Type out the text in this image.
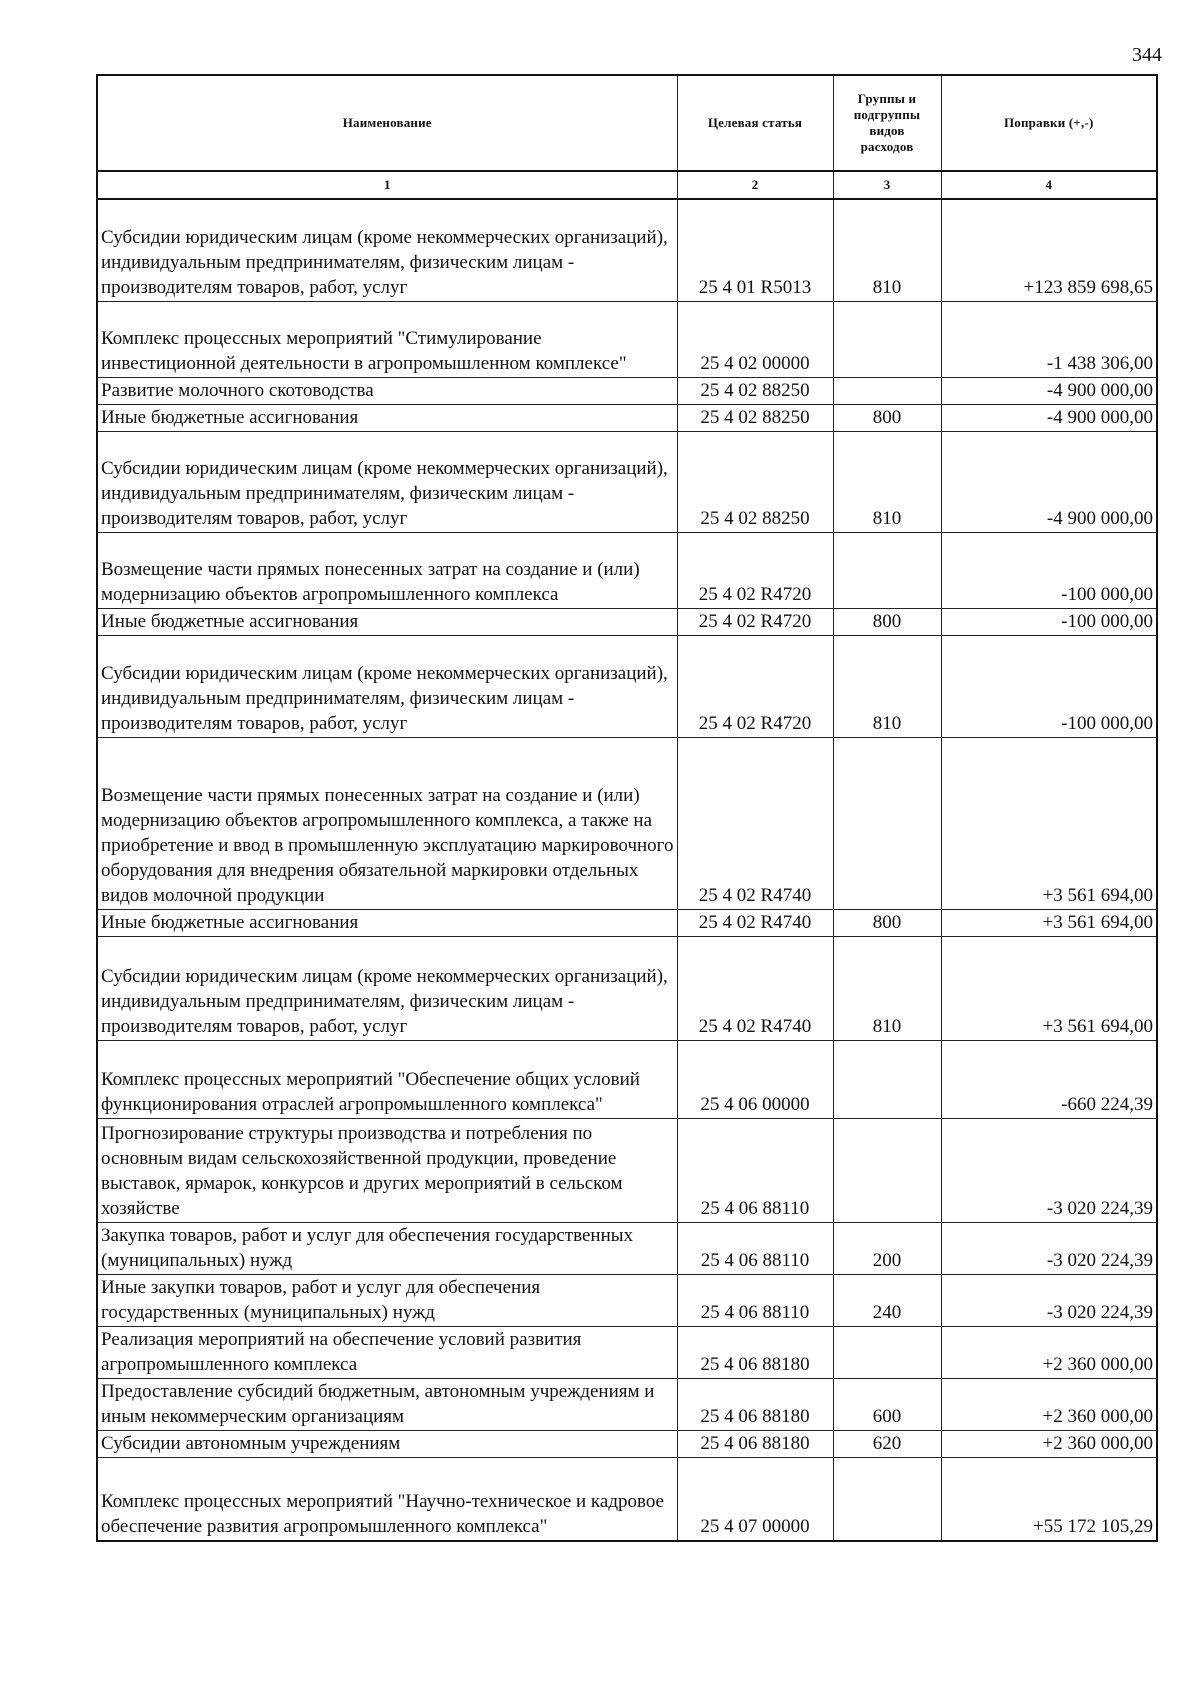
344
Наименование	Целевая статья	Группы и подгруппы видов расходов	Поправки (+,-)
1	2	3	4
Субсидии юридическим лицам (кроме некоммерческих организаций), индивидуальным предпринимателям, физическим лицам - производителям товаров, работ, услуг	25 4 01 R5013	810	+123 859 698,65
Комплекс процессных мероприятий "Стимулирование инвестиционной деятельности в агропромышленном комплексе"	25 4 02 00000		-1 438 306,00
Развитие молочного скотоводства	25 4 02 88250		-4 900 000,00
Иные бюджетные ассигнования	25 4 02 88250	800	-4 900 000,00
Субсидии юридическим лицам (кроме некоммерческих организаций), индивидуальным предпринимателям, физическим лицам - производителям товаров, работ, услуг	25 4 02 88250	810	-4 900 000,00
Возмещение части прямых понесенных затрат на создание и (или) модернизацию объектов агропромышленного комплекса	25 4 02 R4720		-100 000,00
Иные бюджетные ассигнования	25 4 02 R4720	800	-100 000,00
Субсидии юридическим лицам (кроме некоммерческих организаций), индивидуальным предпринимателям, физическим лицам - производителям товаров, работ, услуг	25 4 02 R4720	810	-100 000,00
Возмещение части прямых понесенных затрат на создание и (или) модернизацию объектов агропромышленного комплекса, а также на приобретение и ввод в промышленную эксплуатацию маркировочного оборудования для внедрения обязательной маркировки отдельных видов молочной продукции	25 4 02 R4740		+3 561 694,00
Иные бюджетные ассигнования	25 4 02 R4740	800	+3 561 694,00
Субсидии юридическим лицам (кроме некоммерческих организаций), индивидуальным предпринимателям, физическим лицам - производителям товаров, работ, услуг	25 4 02 R4740	810	+3 561 694,00
Комплекс процессных мероприятий "Обеспечение общих условий функционирования отраслей агропромышленного комплекса"	25 4 06 00000		-660 224,39
Прогнозирование структуры производства и потребления по основным видам сельскохозяйственной продукции, проведение выставок, ярмарок, конкурсов и других мероприятий в сельском хозяйстве	25 4 06 88110		-3 020 224,39
Закупка товаров, работ и услуг для обеспечения государственных (муниципальных) нужд	25 4 06 88110	200	-3 020 224,39
Иные закупки товаров, работ и услуг для обеспечения государственных (муниципальных) нужд	25 4 06 88110	240	-3 020 224,39
Реализация мероприятий на обеспечение условий развития агропромышленного комплекса	25 4 06 88180		+2 360 000,00
Предоставление субсидий бюджетным, автономным учреждениям и иным некоммерческим организациям	25 4 06 88180	600	+2 360 000,00
Субсидии автономным учреждениям	25 4 06 88180	620	+2 360 000,00
Комплекс процессных мероприятий "Научно-техническое и кадровое обеспечение развития агропромышленного комплекса"	25 4 07 00000		+55 172 105,29
